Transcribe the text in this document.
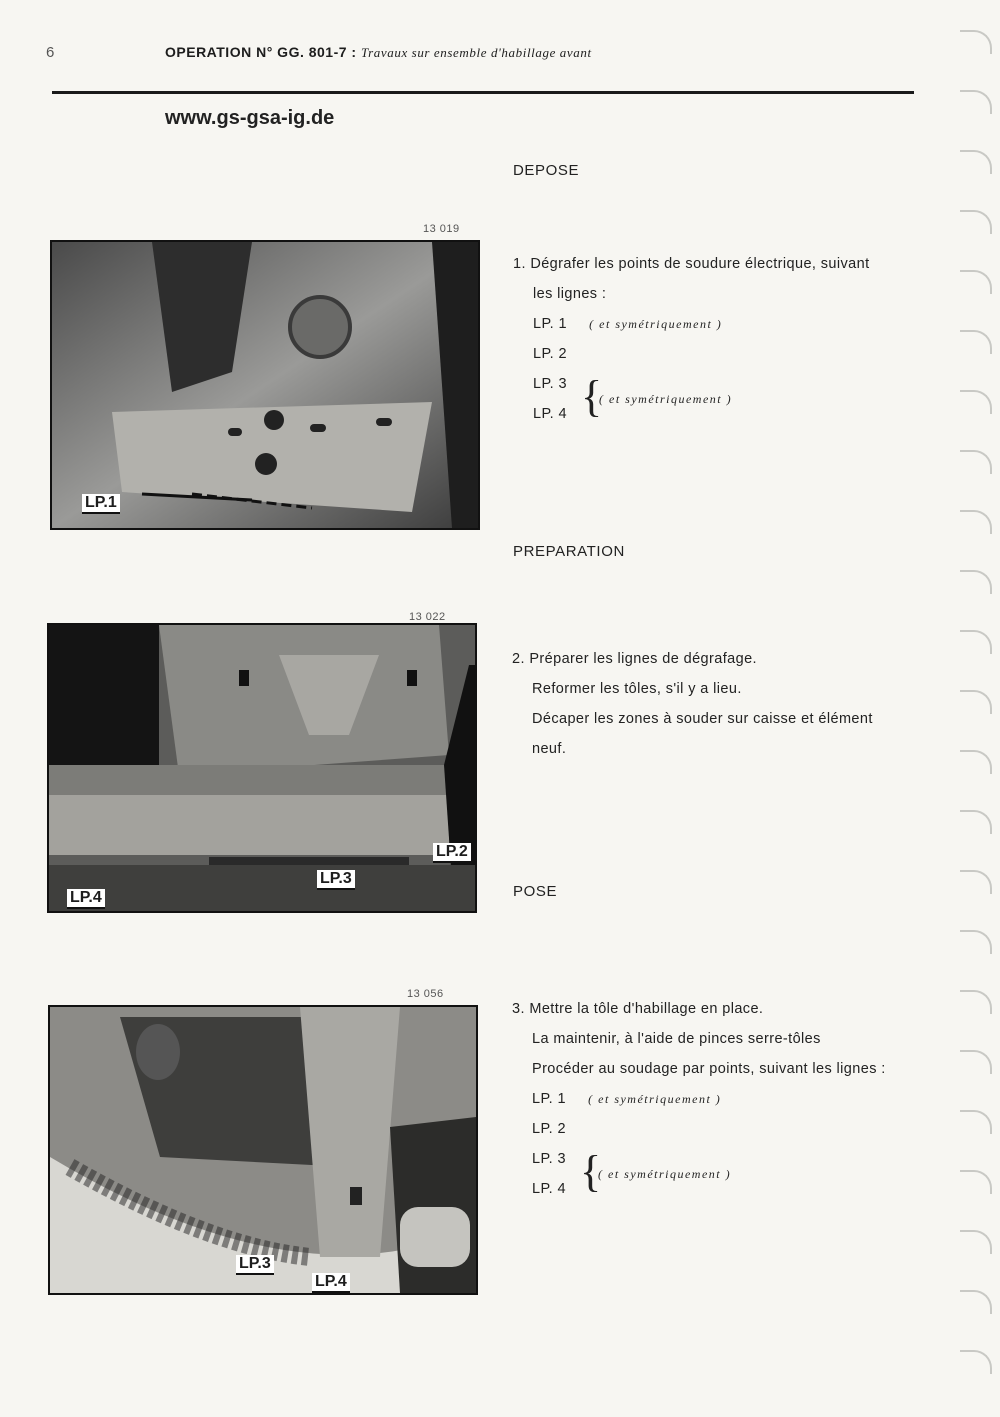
6	OPERATION N° GG. 801-7 : Travaux sur ensemble d'habillage avant
www.gs-gsa-ig.de
DEPOSE
13 019
LP.1
1. Dégrafer les points de soudure électrique, suivant
les lignes :
LP. 1 ( et symétriquement )
LP. 2
LP. 3
LP. 4 {
( et symétriquement )
PREPARATION
13 022
LP.2
LP.3
LP.4
2. Préparer les lignes de dégrafage.
Reformer les tôles, s'il y a lieu.
Décaper les zones à souder sur caisse et élément
neuf.
POSE
13 056
LP.3
LP.4
3. Mettre la tôle d'habillage en place.
La maintenir, à l'aide de pinces serre-tôles
Procéder au soudage par points, suivant les lignes :
LP. 1 ( et symétriquement )
LP. 2
LP. 3
LP. 4 {
( et symétriquement )
